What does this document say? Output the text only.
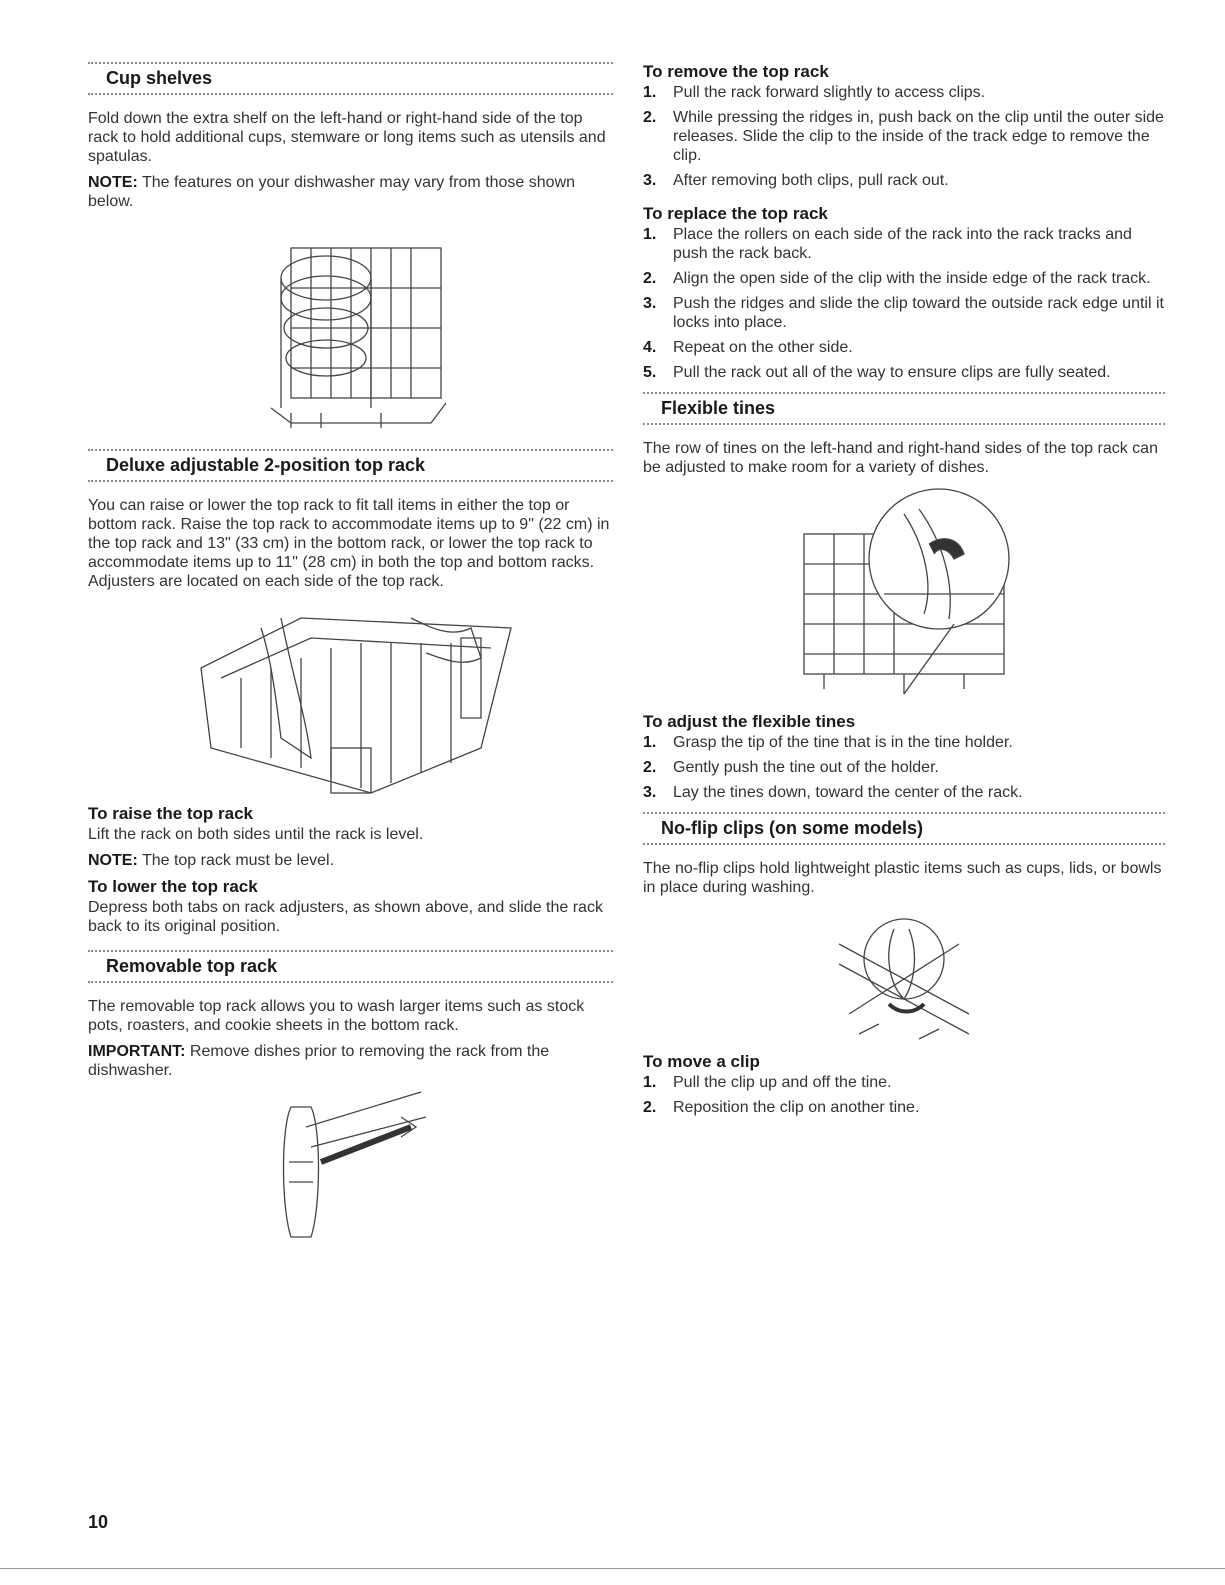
Cup shelves

Fold down the extra shelf on the left-hand or right-hand side of the top rack to hold additional cups, stemware or long items such as utensils and spatulas.

NOTE: The features on your dishwasher may vary from those shown below.

Deluxe adjustable 2-position top rack

You can raise or lower the top rack to fit tall items in either the top or bottom rack. Raise the top rack to accommodate items up to 9" (22 cm) in the top rack and 13" (33 cm) in the bottom rack, or lower the top rack to accommodate items up to 11" (28 cm) in both the top and bottom racks. Adjusters are located on each side of the top rack.

To raise the top rack

Lift the rack on both sides until the rack is level.

NOTE: The top rack must be level.

To lower the top rack

Depress both tabs on rack adjusters, as shown above, and slide the rack back to its original position.

Removable top rack

The removable top rack allows you to wash larger items such as stock pots, roasters, and cookie sheets in the bottom rack.

IMPORTANT: Remove dishes prior to removing the rack from the dishwasher.

To remove the top rack
1. Pull the rack forward slightly to access clips.
2. While pressing the ridges in, push back on the clip until the outer side releases. Slide the clip to the inside of the track edge to remove the clip.
3. After removing both clips, pull rack out.
To replace the top rack
1. Place the rollers on each side of the rack into the rack tracks and push the rack back.
2. Align the open side of the clip with the inside edge of the rack track.
3. Push the ridges and slide the clip toward the outside rack edge until it locks into place.
4. Repeat on the other side.
5. Pull the rack out all of the way to ensure clips are fully seated.
Flexible tines

The row of tines on the left-hand and right-hand sides of the top rack can be adjusted to make room for a variety of dishes.

To adjust the flexible tines
1. Grasp the tip of the tine that is in the tine holder.
2. Gently push the tine out of the holder.
3. Lay the tines down, toward the center of the rack.
No-flip clips (on some models)

The no-flip clips hold lightweight plastic items such as cups, lids, or bowls in place during washing.

To move a clip
1. Pull the clip up and off the tine.
2. Reposition the clip on another tine.
10
